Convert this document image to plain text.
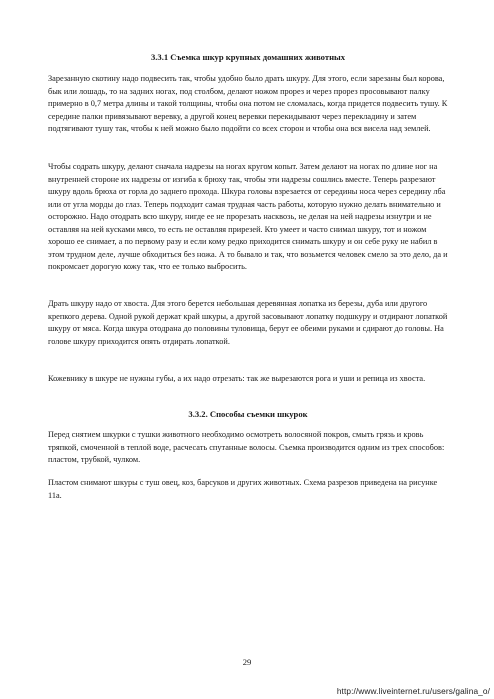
3.3.1 Съемка шкур крупных домашних животных

Зарезанную скотину надо подвесить так, чтобы удобно было драть шкуру. Для этого, если зарезаны был корова, бык или лошадь, то на задних ногах, под столбом, делают ножом прорез и через прорез просовывают палку примерно в 0,7 метра длины и такой толщины, чтобы она потом не сломалась, когда придется подвесить тушу. К середине палки привязывают веревку, а другой конец веревки перекидывают через перекладину и затем подтягивают тушу так, чтобы к ней можно было подойти со всех сторон и чтобы она вся висела над землей.

Чтобы содрать шкуру, делают сначала надрезы на ногах кругом копыт. Затем делают на ногах по длине ног на внутренней стороне их надрезы от изгиба к брюху так, чтобы эти надрезы сошлись вместе. Теперь разрезают шкуру вдоль брюха от горла до заднего прохода. Шкура головы взрезается от середины носа через середину лба или от угла морды до глаз. Теперь подходит самая трудная часть работы, которую нужно делать внимательно и осторожно. Надо отодрать всю шкуру, нигде ее не прорезать насквозь, не делая на ней надрезы изнутри и не оставляя на ней кусками мясо, то есть не оставляя прирезей. Кто умеет и часто снимал шкуру, тот и ножом хорошо ее снимает, а по первому разу и если кому редко приходится снимать шкуру и он себе руку не набил в этом трудном деле, лучше обходиться без ножа. А то бывало и так, что возьмется человек смело за это дело, да и покромсает дорогую кожу так, что ее только выбросить.

Драть шкуру надо от хвоста. Для этого берется небольшая деревянная лопатка из березы, дуба или другого крепкого дерева. Одной рукой держат край шкуры, а другой засовывают лопатку подшкуру и отдирают лопаткой шкуру от мяса. Когда шкура отодрана до половины туловища, берут ее обеими руками и сдирают до головы. На голове шкуру приходится опять отдирать лопаткой.

Кожевнику в шкуре не нужны губы, а их надо отрезать: так же вырезаются рога и уши и репица из хвоста.

3.3.2. Способы съемки шкурок

Перед снятием шкурки с тушки животного необходимо осмотреть волосяной покров, смыть грязь и кровь тряпкой, смоченной в теплой воде, расчесать спутанные волосы. Съемка производится одним из трех способов: пластом, трубкой, чулком.

Пластом снимают шкуры с туш овец, коз, барсуков и других животных. Схема разрезов приведена на рисунке 11а.

29
http://www.liveinternet.ru/users/galina_o/
